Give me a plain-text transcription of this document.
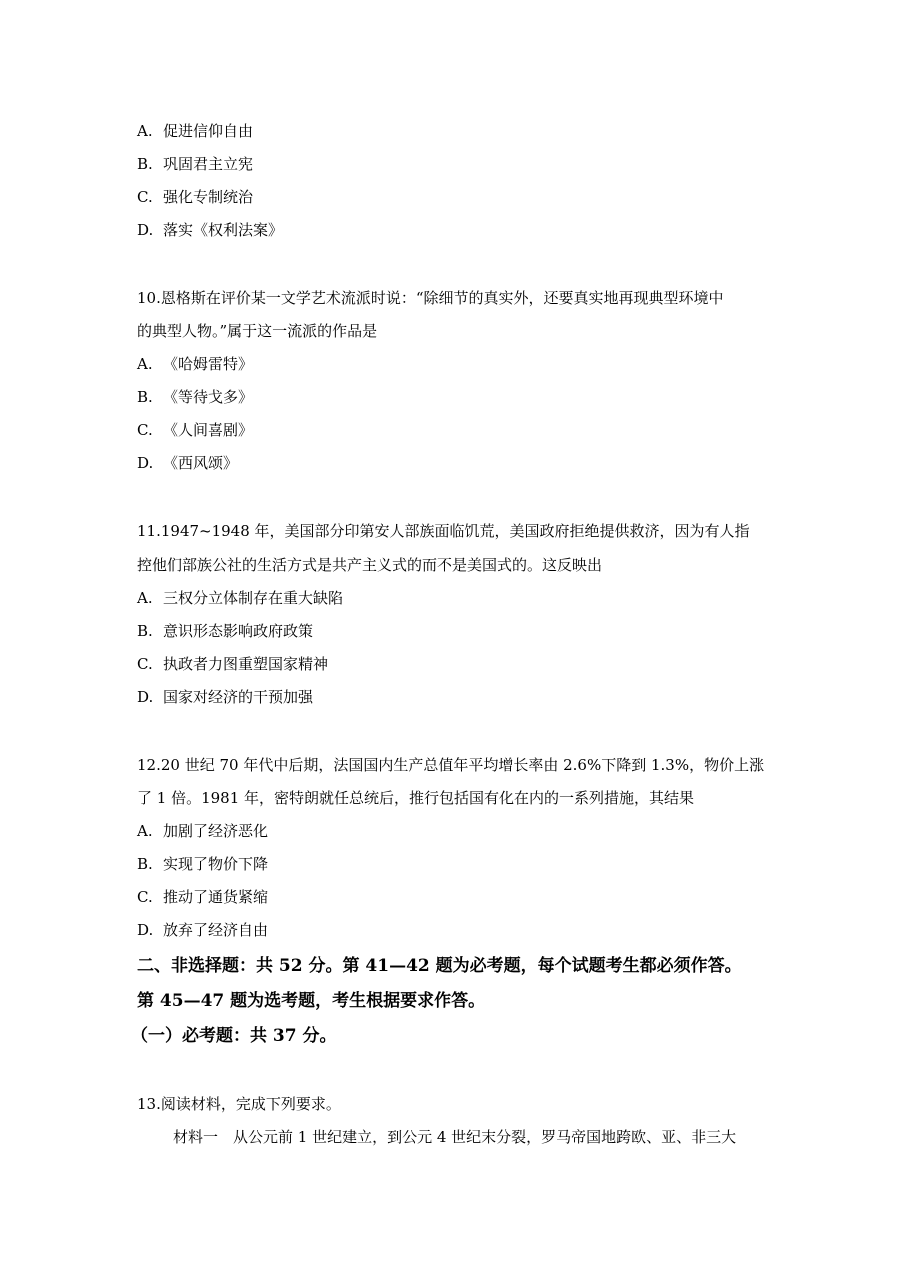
A. 促进信仰自由
B. 巩固君主立宪
C. 强化专制统治
D. 落实《权利法案》
10.恩格斯在评价某一文学艺术流派时说：“除细节的真实外，还要真实地再现典型环境中
的典型人物。”属于这一流派的作品是
A. 《哈姆雷特》
B. 《等待戈多》
C. 《人间喜剧》
D. 《西风颂》
11.1947~1948 年，美国部分印第安人部族面临饥荒，美国政府拒绝提供救济，因为有人指
控他们部族公社的生活方式是共产主义式的而不是美国式的。这反映出
A. 三权分立体制存在重大缺陷
B. 意识形态影响政府政策
C. 执政者力图重塑国家精神
D. 国家对经济的干预加强
12.20 世纪 70 年代中后期，法国国内生产总值年平均增长率由 2.6%下降到 1.3%，物价上涨
了 1 倍。1981 年，密特朗就任总统后，推行包括国有化在内的一系列措施，其结果
A. 加剧了经济恶化
B. 实现了物价下降
C. 推动了通货紧缩
D. 放弃了经济自由
二、非选择题：共 52 分。第 41—42 题为必考题，每个试题考生都必须作答。
第 45—47 题为选考题，考生根据要求作答。
（一）必考题：共 37 分。
13.阅读材料，完成下列要求。
材料一　从公元前 1 世纪建立，到公元 4 世纪末分裂，罗马帝国地跨欧、亚、非三大
